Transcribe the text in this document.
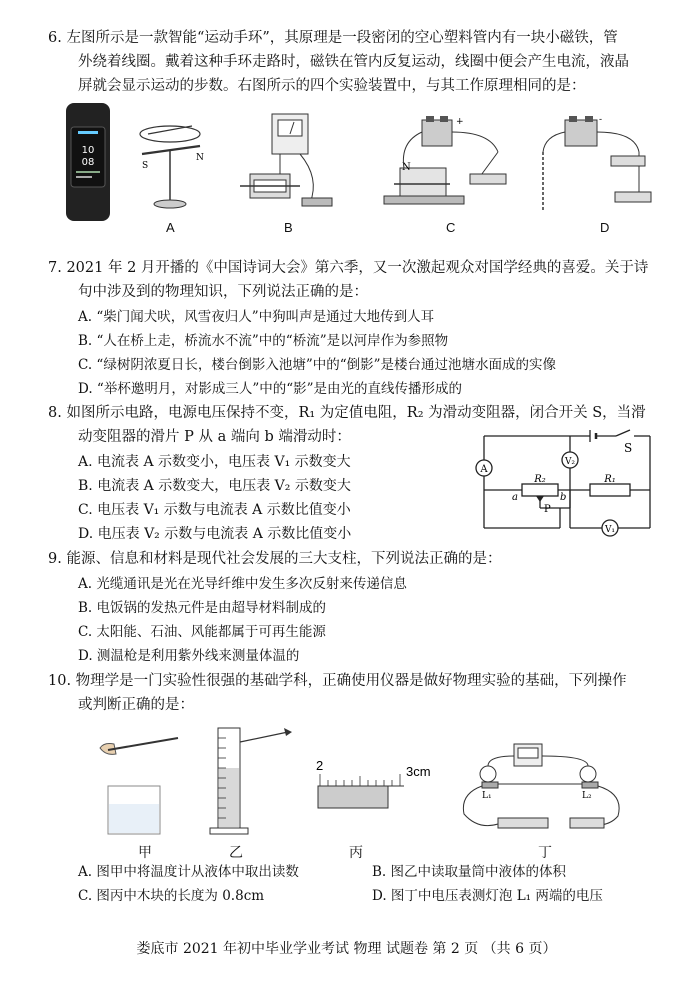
6. 左图所示是一款智能“运动手环”，其原理是一段密闭的空心塑料管内有一块小磁铁，管
外绕着线圈。戴着这种手环走路时，磁铁在管内反复运动，线圈中便会产生电流，液晶
屏就会显示运动的步数。右图所示的四个实验装置中，与其工作原理相同的是：
10
08	S
N
A	B
+
N
C
-
D
7. 2021 年 2 月开播的《中国诗词大会》第六季，又一次激起观众对国学经典的喜爱。关于诗
句中涉及到的物理知识，下列说法正确的是：
A. “柴门闻犬吠，风雪夜归人”中狗叫声是通过大地传到人耳
B. “人在桥上走，桥流水不流”中的“桥流”是以河岸作为参照物
C. “绿树阴浓夏日长，楼台倒影入池塘”中的“倒影”是楼台通过池塘水面成的实像
D. “举杯邀明月，对影成三人”中的“影”是由光的直线传播形成的
8. 如图所示电路，电源电压保持不变，R₁ 为定值电阻，R₂ 为滑动变阻器，闭合开关 S，当滑
动变阻器的滑片 P 从 a 端向 b 端滑动时：
A. 电流表 A 示数变小，电压表 V₁ 示数变大
B. 电流表 A 示数变大，电压表 V₂ 示数变大
C. 电压表 V₁ 示数与电流表 A 示数比值变小
D. 电压表 V₂ 示数与电流表 A 示数比值变小
A
V₂
V₁
R₂	R₁
S
P
a	b
9. 能源、信息和材料是现代社会发展的三大支柱，下列说法正确的是：
A. 光缆通讯是光在光导纤维中发生多次反射来传递信息
B. 电饭锅的发热元件是由超导材料制成的
C. 太阳能、石油、风能都属于可再生能源
D. 测温枪是利用紫外线来测量体温的
10. 物理学是一门实验性很强的基础学科，正确使用仪器是做好物理实验的基础，下列操作
或判断正确的是：
2	3cm
L₁	L₂
甲	乙	丙	丁
A. 图甲中将温度计从液体中取出读数	B. 图乙中读取量筒中液体的体积
C. 图丙中木块的长度为 0.8cm	D. 图丁中电压表测灯泡 L₁ 两端的电压
娄底市 2021 年初中毕业学业考试 物理 试题卷 第 2 页 （共 6 页）
